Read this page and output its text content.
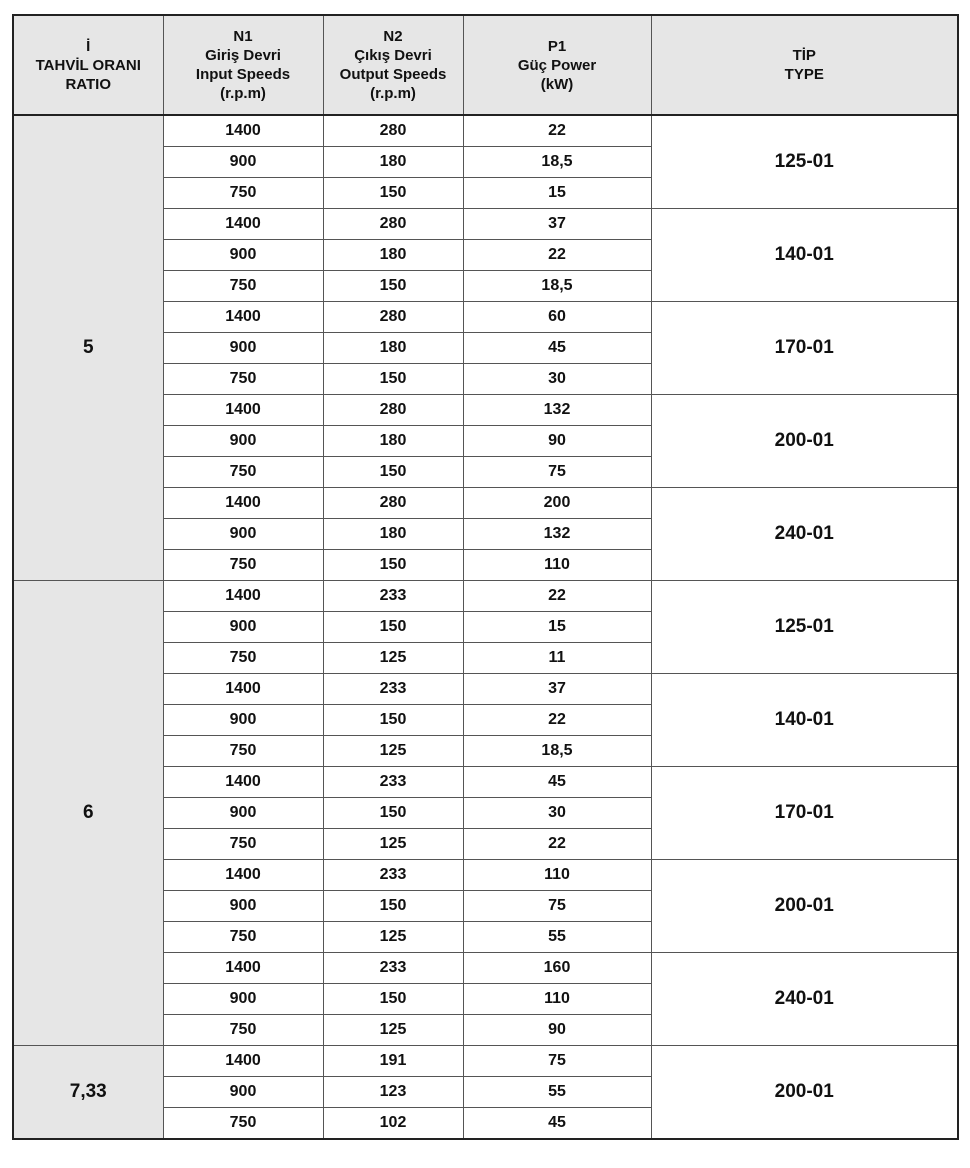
İ
TAHVİL ORANI
RATIO	N1
Giriş Devri
Input Speeds
(r.p.m)	N2
Çıkış Devri
Output Speeds
(r.p.m)	P1
Güç Power
(kW)	TİP
TYPE

5	1400	280	22	125-01
	900	180	18,5	
	750	150	15	
	1400	280	37	140-01
	900	180	22	
	750	150	18,5	
	1400	280	60	170-01
	900	180	45	
	750	150	30	
	1400	280	132	200-01
	900	180	90	
	750	150	75	
	1400	280	200	240-01
	900	180	132	
	750	150	110	
6	1400	233	22	125-01
	900	150	15	
	750	125	11	
	1400	233	37	140-01
	900	150	22	
	750	125	18,5	
	1400	233	45	170-01
	900	150	30	
	750	125	22	
	1400	233	110	200-01
	900	150	75	
	750	125	55	
	1400	233	160	240-01
	900	150	110	
	750	125	90	
7,33	1400	191	75	200-01
	900	123	55	
	750	102	45	
